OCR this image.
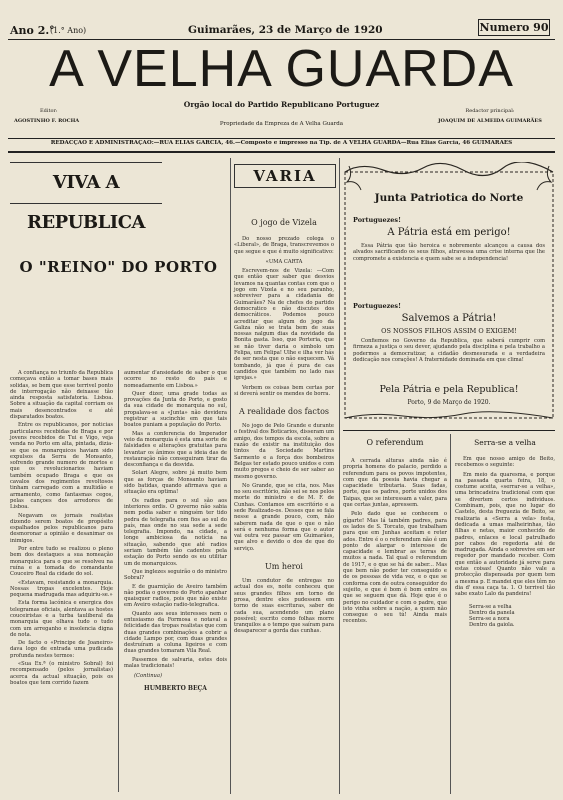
Ano 2.°
(1.° Ano)	Guimarães, 23 de Março de 1920	Numero 90
A VELHA GUARDA
Orgão local do Partido Republicano Portuguez
Editor:
AGOSTINHO F. ROCHA	Propriedade da Empreza de A Velha Guarda
Redactor principal:
JOAQUIM DE ALMEIDA GUIMARÃES
REDACÇÃO E ADMINISTRAÇÃO:—RUA ELIAS GARCIA, 46.—Composto e impresso na Tip. de A VELHA GUARDA—Rua Elias Garcia, 46 GUIMARÃES
VIVA A REPUBLICA
O "REINO" DO PORTO

A confiança no triunfo da Republica começava então a tomar bases mais solidas, se bem que esse terrivel ponto de interrogação não deixasse tão ainda resposta satisfatoria. Lisboa. Sobre a situação da capital corriam os mais desencontrados e até disparatados boatos.

Entre os republicanos, por noticias particulares recebidas de Braga e por jovens recebidos de Tui e Vigo, veja venda no Porto em alta, pintada, dizia-se que os monarquicos haviam sido expulsos da Serra de Monsanto, sofrendo grande numero de mortos e que os revolucionarios haviam também ocupado Braga e que os cavalos dos regimentos revoltosos tinham carregado com a multidão e armamento, como fantasmas cegos, pelas cançoes dos arredores de Lisboa.

Negavam os jornais realistas dizendo serem boatos de propósito espalhados pelos republicanos para desmoronar a opinião e desanimar os inimigos.

Por entre tudo se realizou o pleno bem dos destaques a sua nomeação monarquica para o que se resolveu na ruína e a tomada do comandante Couceiro Real da cidade do sol.

«Estavam, resistando a monarquia. Nossas tropas excelentes. Hoje pequena madrugada mas adquiriu-se.»

Esta forma lacónica e energica dos telegramas oficiais, alentava as hostes couceiristas e a turba tauliberal da monarquia que olhava tudo o tudo com um arreganho e insolencia digna de nota.

De facto o «Principe de Joaneiro» dava logo de entrada uma pudicada profunda nestes termos:

«Sua Ex.ª (o ministro Sobral) foi recompensado (pelos jornalistas) acerca da actual situação, pois os boatos que tem corrido fazem

aumentar d'ansiedade de saber o que ocorre no resto do país e nomeadamente em Lisboa.»

Quer dizer, uma grade todas as provações da Junta do Porto, e gosto da sua cidade de monarquia no sul, propalava-se a «Junta» não devidera registrar a sucinchie em que tais boatos puniam a população do Porto.

Mas a conferencia do Imperador veio da monarquia é esta uma sorte de falsidades e alterações gratuitas para levantar os ânimos que a ideia das de restauração não conseguiram tirar da desconfiança e da desvida.

Solari Alegre, sobre já muito bem que as forças de Monsanto haviam sido batidas, quando afirmava que a situação era optima!

Os radios para o sul são aos interiores ordis. O governo não sabia nem podia saber e ninguém ter tido pedra de telegrafia com fios ao sul do país, mas onde no sua sede a sede telegrafia. Impondo, na cidade, a longe ambiciosa da notícia na situação, sabendo que até radios seriam também tão cadentes pela estação do Porto sendo os eu utilitar um de monarquicos.

Que inglezes seguirão o do ministro Sobral?

E de guarnição de Aveiro também não podia o governo do Porto apanhar quaisquer radios, pois que não existe em Aveiro estação radio-telegrafica.

Quanto aos seus interesses nem o entusiasmo da Formosa e notaval a felicidade das tropas realistas que com duas grandes combinações a cobrir a cidade Lampo por, com duas grandes destruíram a coluna ligeiros e com duas grandes tomaram Vila Real.

Passemos de salvaria, estes dois malas tradicionais!

(Continua)

HUMBERTO BEÇA

VARIA
O jogo de Vizela

Do nosso prezado colega o «Liberal», de Braga, transcrevemos o que segue e que é muito significativo:

«UMA CARTA

Escrevem-nos de Vizela: —Com que então quer saber que desvios levamos na quantas contas com que o jogo em Vizela e no seu paranho, sobreviver para a cidadania de Guimarães? Na de chefes do partido democratico e não discutes dos democráticos. Podemos pouco acreditar que algum do jogo da Galiza não se trata bem de suas nossas nalgum dias da novidade da Bonita gasta. Isso, que Porteria, que se não tiver daria o simbolo um Felipa, um Felipa! Ulhe e ilha ver hás de ser nesta que o não esquecem. Vá tombando, já que é pura de cas candidos que também no lado nas igrejas.»

Verbem os coisas bem certas por si deverá sentir os mendes de borra.

A realidade dos factos

No jogo de Pelo Grande e durante o festival dos Boticarios, disseram um amigo, dos tempos da escola, sobre a razão de existir na instituição dos tintos da Sociedade Martins Sarmento e a força dos bombeiros Belgas ter estado pouco unidos e com muito pregos e cheio de ser saber ao mesmo governo.

No Grande, que se cita, nos. Mas no seu escritório, não sei se nos pelos morte do ministro e de M. F. de Cunhas. Contamos em escritório e a sede Realizado-os. Desses que se fala nesse a grande pouco, com, não saberem nada de que o que o não será e nenhuma forma que o autor vai outra vez passar em Guimarães, que alvo e devido o dos de que do serviço.

Um heroi

Um condutor de entregas no actual dos es, noite conheceu que seus grandes filhos em torno de prosa, dentre eles pudessem em torno de suas escrituras, saber de cada sua, acendendo um plano possível; escrito como folhas morre tranquilos a o tempo que saíram para desaparecer a gorda das cunhas.

Junta Patriotica do Norte
Portuguezes!
A Pátria está em perigo!

Essa Pátria que tão heroica e nobremente alcançou a causa dos alvados sacrificando os seus filhos, atravessa uma crise interna que lhe compromete a existencia e quem sabe se a independencia!

Portuguezes!
Salvemos a Pátria!
OS NOSSOS FILHOS ASSIM O EXIGEM!

Confiemos no Governo da Republica, que saberá cumprir com firmeza a justiça o seu dever, ajudando pela disciplina e pela trabalho a podermos a democratizar, a cidadão desmesurada e a verdadeira dedicação nos corações! A fraternidade dominada em que clima!

Pela Pátria e pela Republica!
Porto, 9 de Março de 1920.
O referendum

A cerrada alturas ainda não é propria homens do palacio, perdido a referendum para os povos impotentes, com que da poesia havia chegar a capacidade tributaria. Suas fadas, porte, que os padres, porte unidos dos Taipas, que se interessam a valer, para que certas juntas, apressem.

Pelo dado que se conhecem o gígarte! Mas lá também padres, para os lados de S. Torcato, que trabalham para que em Junhas aceitam e reter ados. Entre é o o referendum não é um ponto de alargar o interesse de capacidade e lembrar as terras de muitos a nada. Tal qual o referendum de 1917, e o que se há de saber... Mas que bem não poder ter conseguido e de os pessoas de vida vez, e o que se conforma com de outra conseguidor do sujeito, e que é bom é bom entre os que se seguem que dá. Hoje que é o perigo no cuidador e com o padre, que isto vinha sobre a nação, a quem não consegue o seu tú! Ainda mais recentes.

Serra-se a velha

Em que nosso amigo de Beito, recebemos o seguinte:

Em meio da quaresma, e porque na passada quarta feira, 18, o costume aceita, «serrar-se a velha», uma brincadeira tradicional com que se divertem certos individuos. Combinam, pois, que no lugar do Castelo, desta freguezia de Beito, se realizaria a «Serra a vela» festa, dedicada a umas malheirinhas, tão filhas e netas, maior conhecido de padres, enlaces e local patrulhado por cabos de regedoria até de madrugada. Ainda o sobrevive em ser regedor por mandado receber. Com que então a autoridade já serve para estas coisas! Quanto não vale a protecção dispensada por quem tem a mesma p. E mandei que eles têm no dia d' essa caça ta. 1. O terrivel tão sabe exato Lalo da pandeira!

Serra-se a velha
Dentro da panela
Serra-se a nora
Dentro da gaiola.
